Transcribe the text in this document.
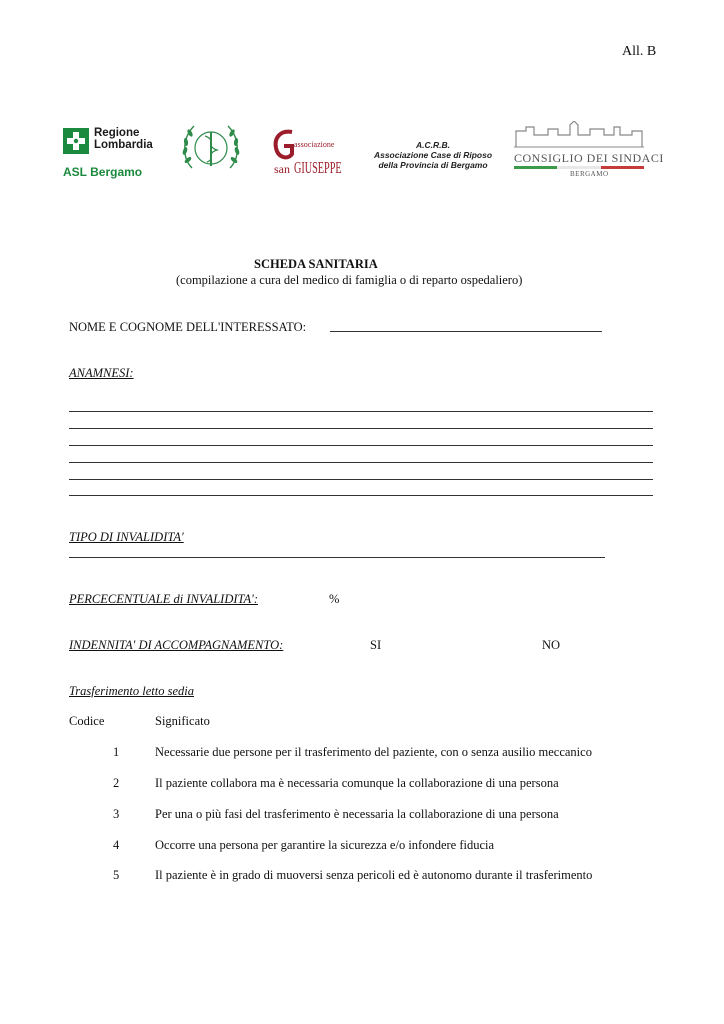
All. B
Regione
Lombardia
ASL Bergamo
associazione
san GIUSEPPE
A.C.R.B.
Associazione Case di Riposo
della Provincia di Bergamo	CONSIGLIO DEI SINDACI
BERGAMO
SCHEDA SANITARIA
(compilazione a cura del medico di famiglia o di reparto ospedaliero)
NOME E COGNOME DELL'INTERESSATO:
ANAMNESI:
TIPO DI INVALIDITA'
PERCECENTUALE di INVALIDITA':	%
INDENNITA' DI ACCOMPAGNAMENTO:	SI	NO
Trasferimento letto sedia
Codice	Significato
1	Necessarie due persone per il trasferimento del paziente, con o senza ausilio meccanico
2	Il paziente collabora ma è necessaria comunque la collaborazione di una persona
3	Per una o più fasi del trasferimento è necessaria la collaborazione di una persona
4	Occorre una persona per garantire la sicurezza e/o infondere fiducia
5	Il paziente è in grado di muoversi senza pericoli ed è autonomo durante il trasferimento
